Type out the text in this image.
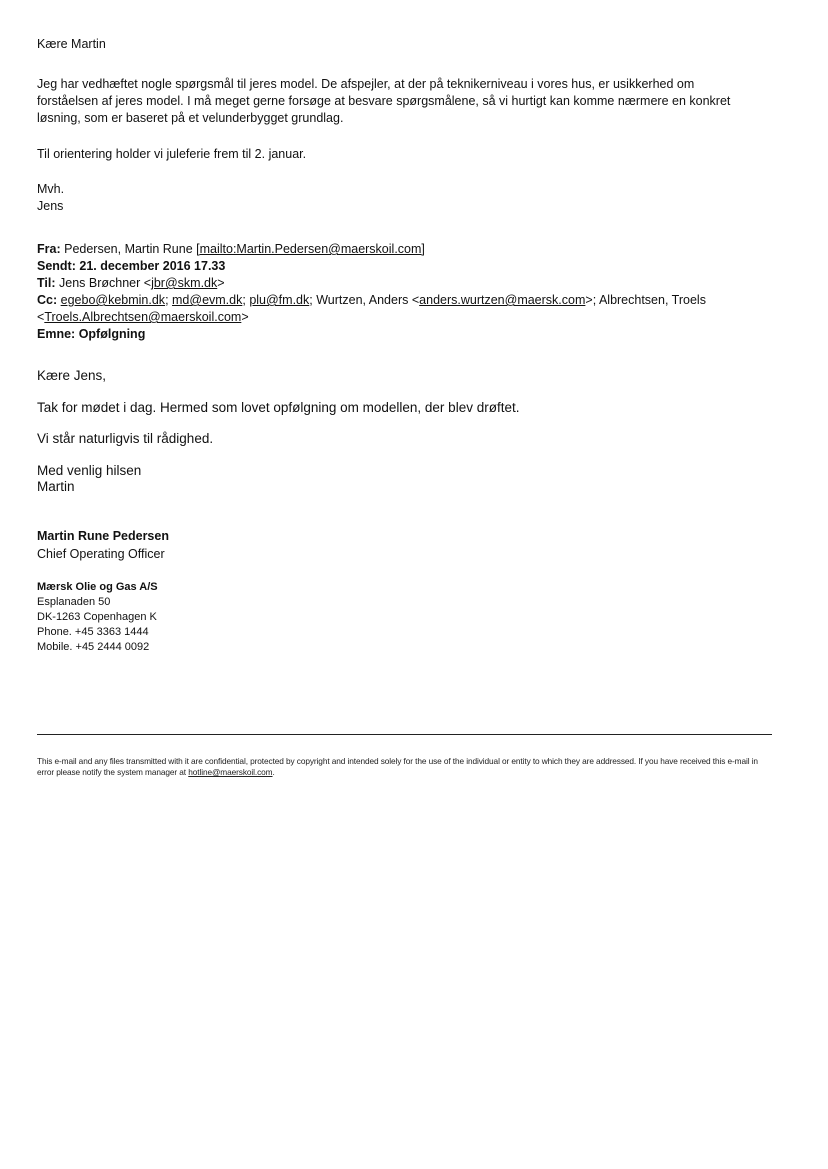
Kære Martin

Jeg har vedhæftet nogle spørgsmål til jeres model. De afspejler, at der på teknikerniveau i vores hus, er usikkerhed om forståelsen af jeres model. I må meget gerne forsøge at besvare spørgsmålene, så vi hurtigt kan komme nærmere en konkret løsning, som er baseret på et velunderbygget grundlag.

Til orientering holder vi juleferie frem til 2. januar.

Mvh.

Jens

Fra: Pedersen, Martin Rune [mailto:Martin.Pedersen@maerskoil.com]

Sendt: 21. december 2016 17.33

Til: Jens Brøchner <jbr@skm.dk>

Cc: egebo@kebmin.dk; md@evm.dk; plu@fm.dk; Wurtzen, Anders <anders.wurtzen@maersk.com>; Albrechtsen, Troels <Troels.Albrechtsen@maerskoil.com>

Emne: Opfølgning

Kære Jens,

Tak for mødet i dag. Hermed som lovet opfølgning om modellen, der blev drøftet.

Vi står naturligvis til rådighed.

Med venlig hilsen

Martin

Martin Rune Pedersen

Chief Operating Officer

Mærsk Olie og Gas A/S

Esplanaden 50

DK-1263 Copenhagen K

Phone. +45 3363 1444

Mobile. +45 2444 0092

This e-mail and any files transmitted with it are confidential, protected by copyright and intended solely for the use of the individual or entity to which they are addressed. If you have received this e-mail in error please notify the system manager at hotline@maerskoil.com.
